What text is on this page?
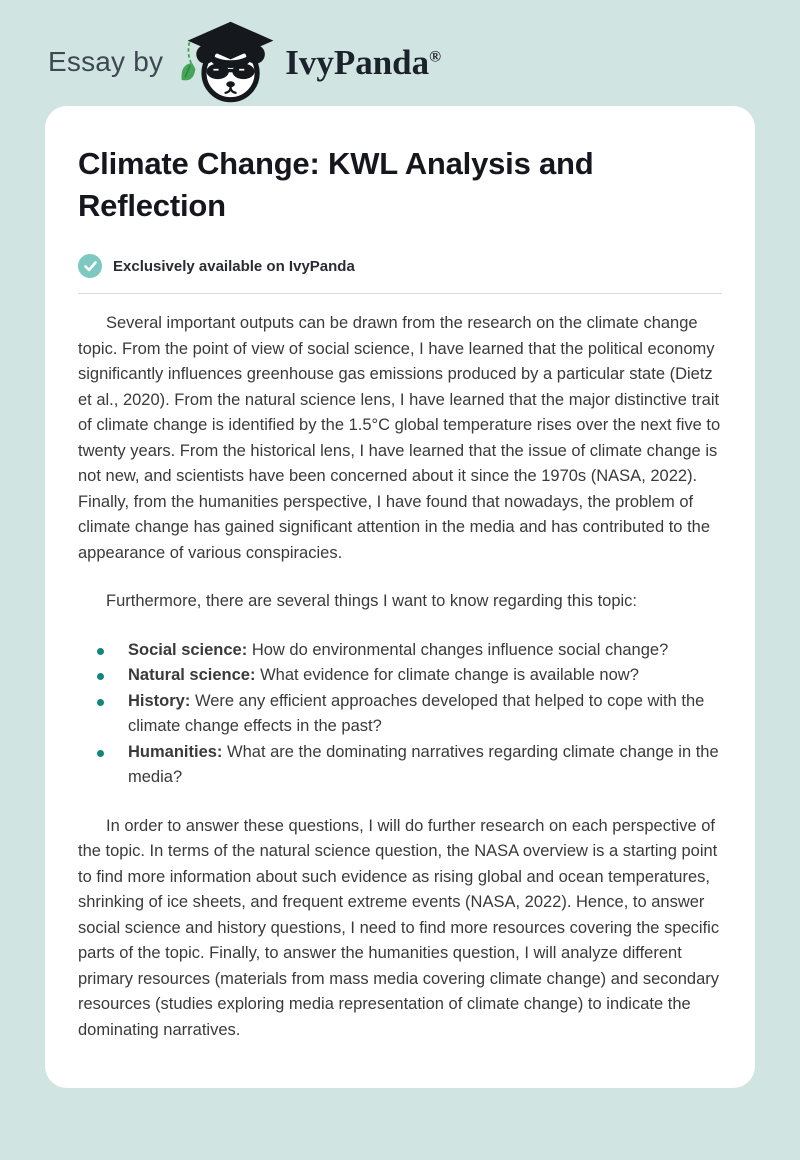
Essay by	IvyPanda®
Climate Change: KWL Analysis and Reflection
Exclusively available on IvyPanda

Several important outputs can be drawn from the research on the climate change topic. From the point of view of social science, I have learned that the political economy significantly influences greenhouse gas emissions produced by a particular state (Dietz et al., 2020). From the natural science lens, I have learned that the major distinctive trait of climate change is identified by the 1.5°C global temperature rises over the next five to twenty years. From the historical lens, I have learned that the issue of climate change is not new, and scientists have been concerned about it since the 1970s (NASA, 2022). Finally, from the humanities perspective, I have found that nowadays, the problem of climate change has gained significant attention in the media and has contributed to the appearance of various conspiracies.

Furthermore, there are several things I want to know regarding this topic:

Social science: How do environmental changes influence social change?
Natural science: What evidence for climate change is available now?
History: Were any efficient approaches developed that helped to cope with the climate change effects in the past?
Humanities: What are the dominating narratives regarding climate change in the media?

In order to answer these questions, I will do further research on each perspective of the topic. In terms of the natural science question, the NASA overview is a starting point to find more information about such evidence as rising global and ocean temperatures, shrinking of ice sheets, and frequent extreme events (NASA, 2022). Hence, to answer social science and history questions, I need to find more resources covering the specific parts of the topic. Finally, to answer the humanities question, I will analyze different primary resources (materials from mass media covering climate change) and secondary resources (studies exploring media representation of climate change) to indicate the dominating narratives.
